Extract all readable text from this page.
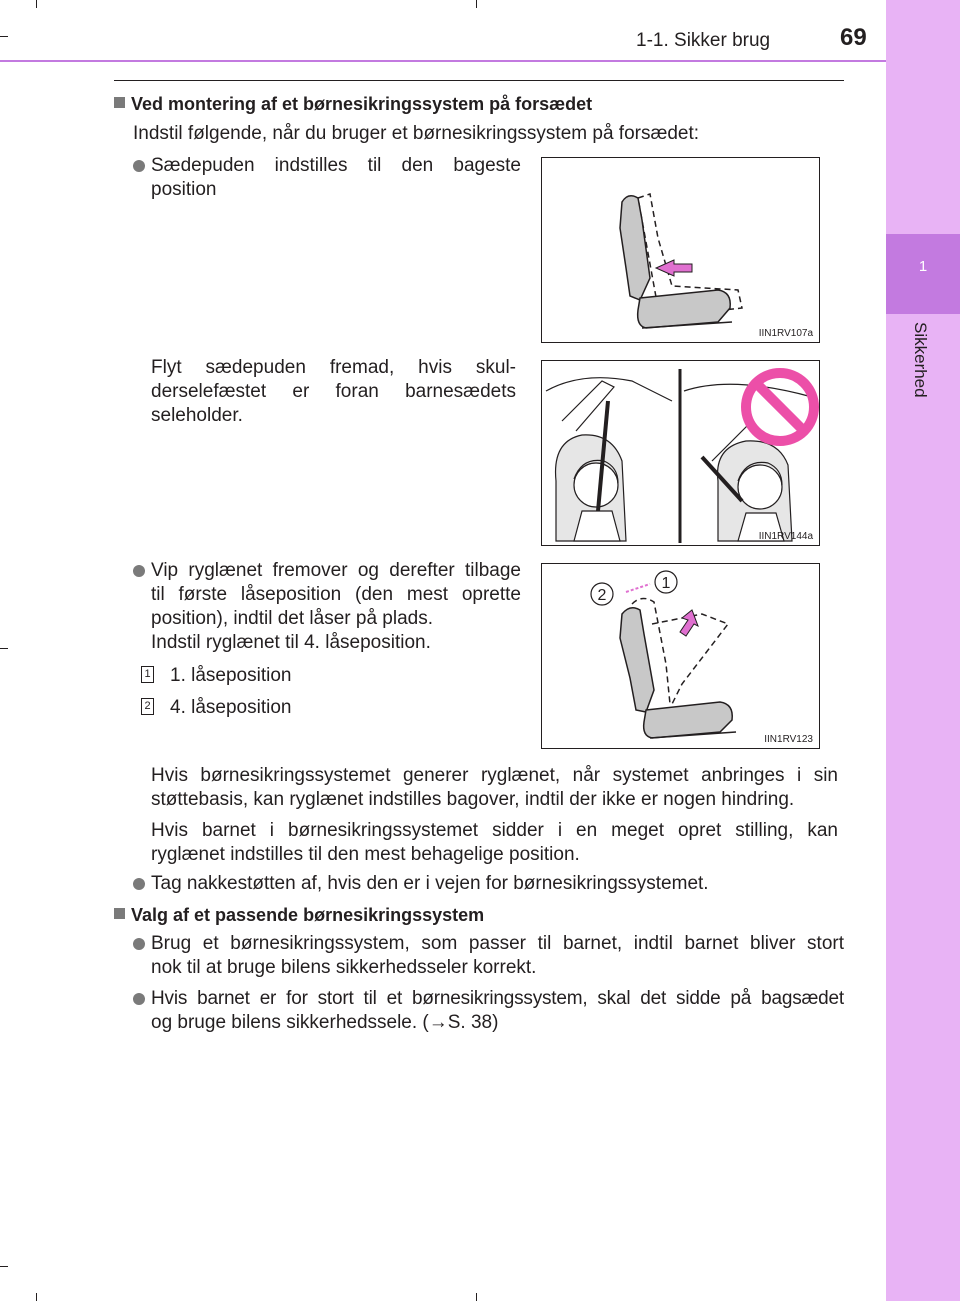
1
Sikkerhed
1-1. Sikker brug	69

Ved montering af et børnesikringssystem på forsædet

Indstil følgende, når du bruger et børnesikringssystem på forsædet:

Sædepuden indstilles til den bageste

position

Flyt sædepuden fremad, hvis skul-

derselefæstet er foran barnesædets

seleholder.

Vip ryglænet fremover og derefter tilbage

til første låseposition (den mest oprette

position), indtil det låser på plads.

Indstil ryglænet til 4. låseposition.

1 1. låseposition

2 4. låseposition

Hvis børnesikringssystemet generer ryglænet, når systemet anbringes i sin

støttebasis, kan ryglænet indstilles bagover, indtil der ikke er nogen hindring.

Hvis barnet i børnesikringssystemet sidder i en meget opret stilling, kan

ryglænet indstilles til den mest behagelige position.

Tag nakkestøtten af, hvis den er i vejen for børnesikringssystemet.

Valg af et passende børnesikringssystem

Brug et børnesikringssystem, som passer til barnet, indtil barnet bliver stort

nok til at bruge bilens sikkerhedsseler korrekt.

Hvis barnet er for stort til et børnesikringssystem, skal det sidde på bagsædet

og bruge bilens sikkerhedssele. (→S. 38)

IIN1RV107a
IIN1RV144a
2
1
IIN1RV123
